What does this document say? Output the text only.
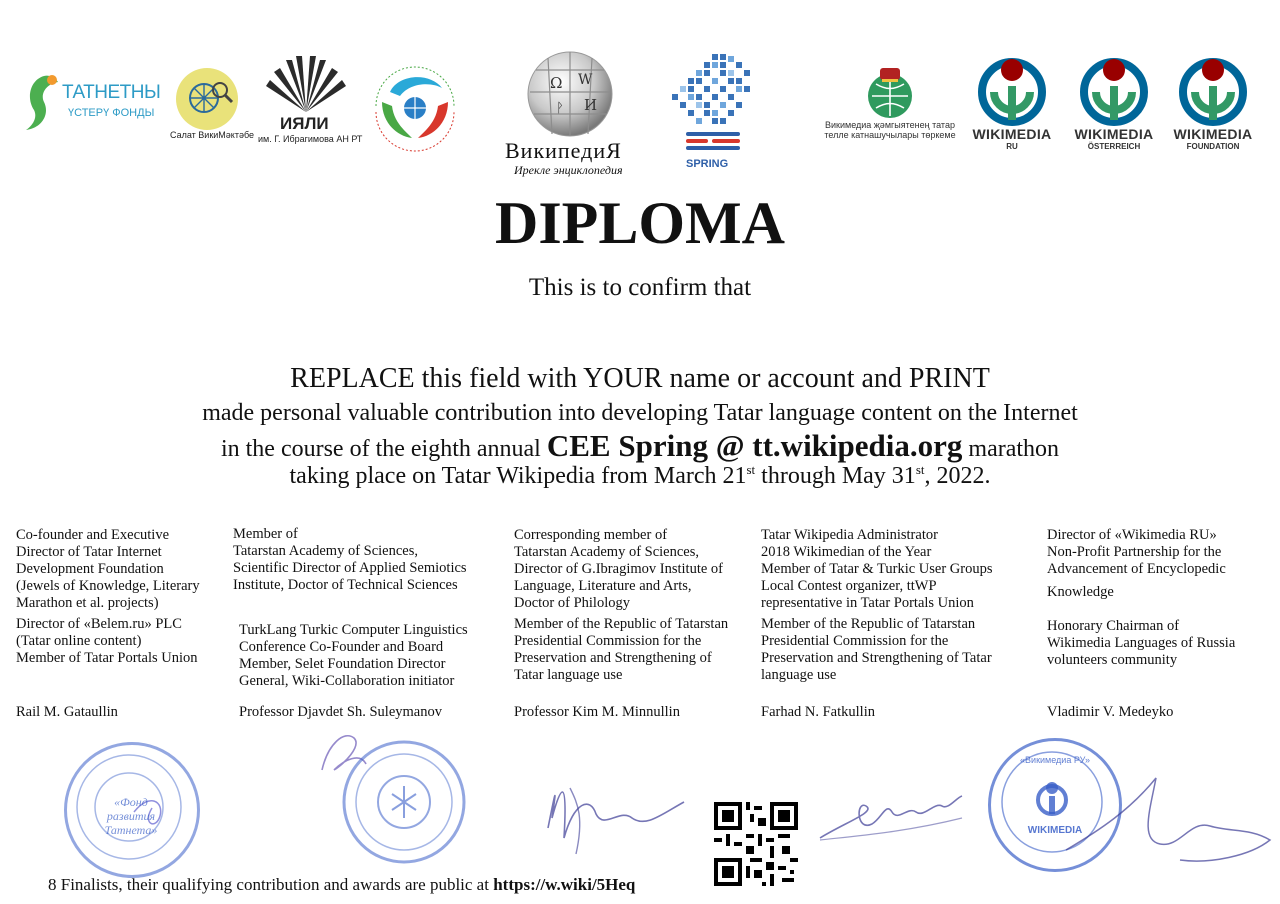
ТАТНЕТНЫ
ҮСТЕРҮ ФОНДЫ
Салат ВикиМәктәбе
ИЯЛИ
им. Г. Ибрагимова АН РТ
Ω W
И
ᚹ
ВикипедиЯ
Иреклe энциклопедия	SPRING
Викимедиа җәмгыятенең татар телле катнашучылары төркеме	WIKIMEDIA
RU
WIKIMEDIA
ÖSTERREICH
WIKIMEDIA
FOUNDATION
DIPLOMA
This is to confirm that
REPLACE this field with YOUR name or account and PRINT
made personal valuable contribution into developing Tatar language content on the Internet
in the course of the eighth annual CEE Spring @ tt.wikipedia.org marathon
taking place on Tatar Wikipedia from March 21st through May 31st, 2022.
Co-founder and Executive
Director of Tatar Internet
Development Foundation
(Jewels of Knowledge, Literary
Marathon et al. projects)
Director of «Belem.ru» PLC
(Tatar online content)
Member of Tatar Portals Union
Rail M. Gataullin
Member of
Tatarstan Academy of Sciences,
Scientific Director of Applied Semiotics
Institute, Doctor of Technical Sciences
TurkLang Turkic Computer Linguistics
Conference Co-Founder and Board
Member, Selet Foundation Director
General, Wiki-Collaboration initiator
Professor Djavdet Sh. Suleymanov
Corresponding member of
Tatarstan Academy of Sciences,
Director of G.Ibragimov Institute of
Language, Literature and Arts,
Doctor of Philology
Member of the Republic of Tatarstan
Presidential Commission for the
Preservation and Strengthening of
Tatar language use
Professor Kim M. Minnullin
Tatar Wikipedia Administrator
2018 Wikimedian of the Year
Member of Tatar & Turkic User Groups
Local Contest organizer, ttWP
representative in Tatar Portals Union
Member of the Republic of Tatarstan
Presidential Commission for the
Preservation and Strengthening of Tatar
language use
Farhad N. Fatkullin
Director of «Wikimedia RU»
Non-Profit Partnership for the
Advancement of Encyclopedic
Knowledge
Honorary Chairman of
Wikimedia Languages of Russia
volunteers community
Vladimir V. Medeyko
«Фонд развития Татнета»
«Викимедиа РУ»
WIKIMEDIA
8 Finalists, their qualifying contribution and awards are public at https://w.wiki/5Heq
